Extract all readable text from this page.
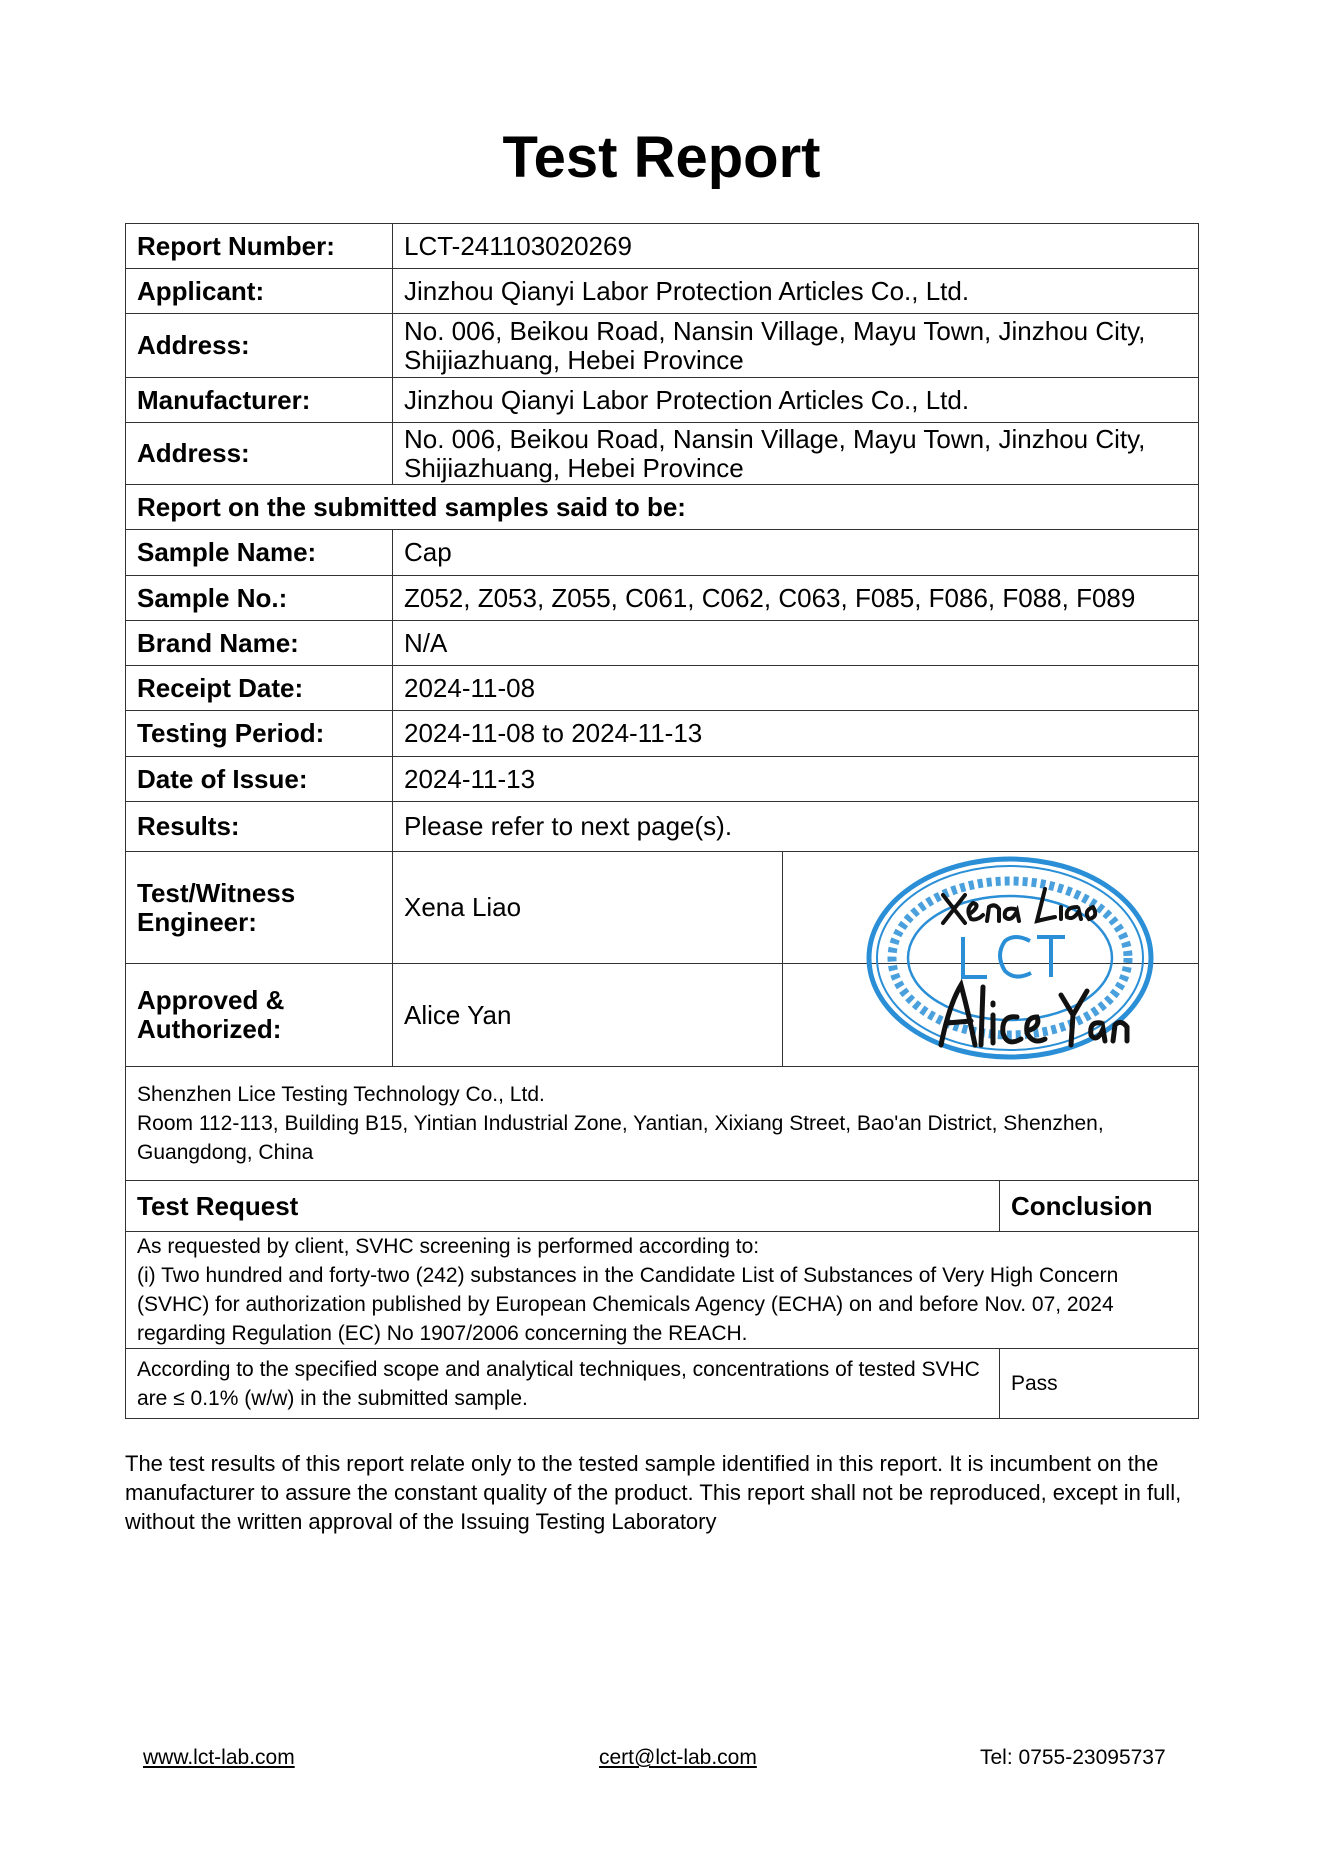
Test Report
Report Number:	LCT-241103020269		
Applicant:	Jinzhou Qianyi Labor Protection Articles Co., Ltd.		
Address:	No. 006, Beikou Road, Nansin Village, Mayu Town, Jinzhou City, Shijiazhuang, Hebei Province		
Manufacturer:	Jinzhou Qianyi Labor Protection Articles Co., Ltd.		
Address:	No. 006, Beikou Road, Nansin Village, Mayu Town, Jinzhou City, Shijiazhuang, Hebei Province		
Report on the submitted samples said to be:			
Sample Name:	Cap		
Sample No.:	Z052, Z053, Z055, C061, C062, C063, F085, F086, F088, F089		
Brand Name:	N/A		
Receipt Date:	2024-11-08		
Testing Period:	2024-11-08 to 2024-11-13		
Date of Issue:	2024-11-13		
Results:	Please refer to next page(s).		
Test/Witness Engineer:	Xena Liao		
Approved & Authorized:	Alice Yan		

Shenzhen Lice Testing Technology Co., Ltd.
Room 112-113, Building B15, Yintian Industrial Zone, Yantian, Xixiang Street, Bao'an District, Shenzhen, Guangdong, China			

Test Request			Conclusion

As requested by client, SVHC screening is performed according to:
(i) Two hundred and forty-two (242) substances in the Candidate List of Substances of Very High Concern (SVHC) for authorization published by European Chemicals Agency (ECHA) on and before Nov. 07, 2024 regarding Regulation (EC) No 1907/2006 concerning the REACH.			

According to the specified scope and analytical techniques, concentrations of tested SVHC are ≤ 0.1% (w/w) in the submitted sample.			Pass
The test results of this report relate only to the tested sample identified in this report. It is incumbent on the manufacturer to assure the constant quality of the product. This report shall not be reproduced, except in full, without the written approval of the Issuing Testing Laboratory
www.lct-lab.com	cert@lct-lab.com	Tel: 0755-23095737
